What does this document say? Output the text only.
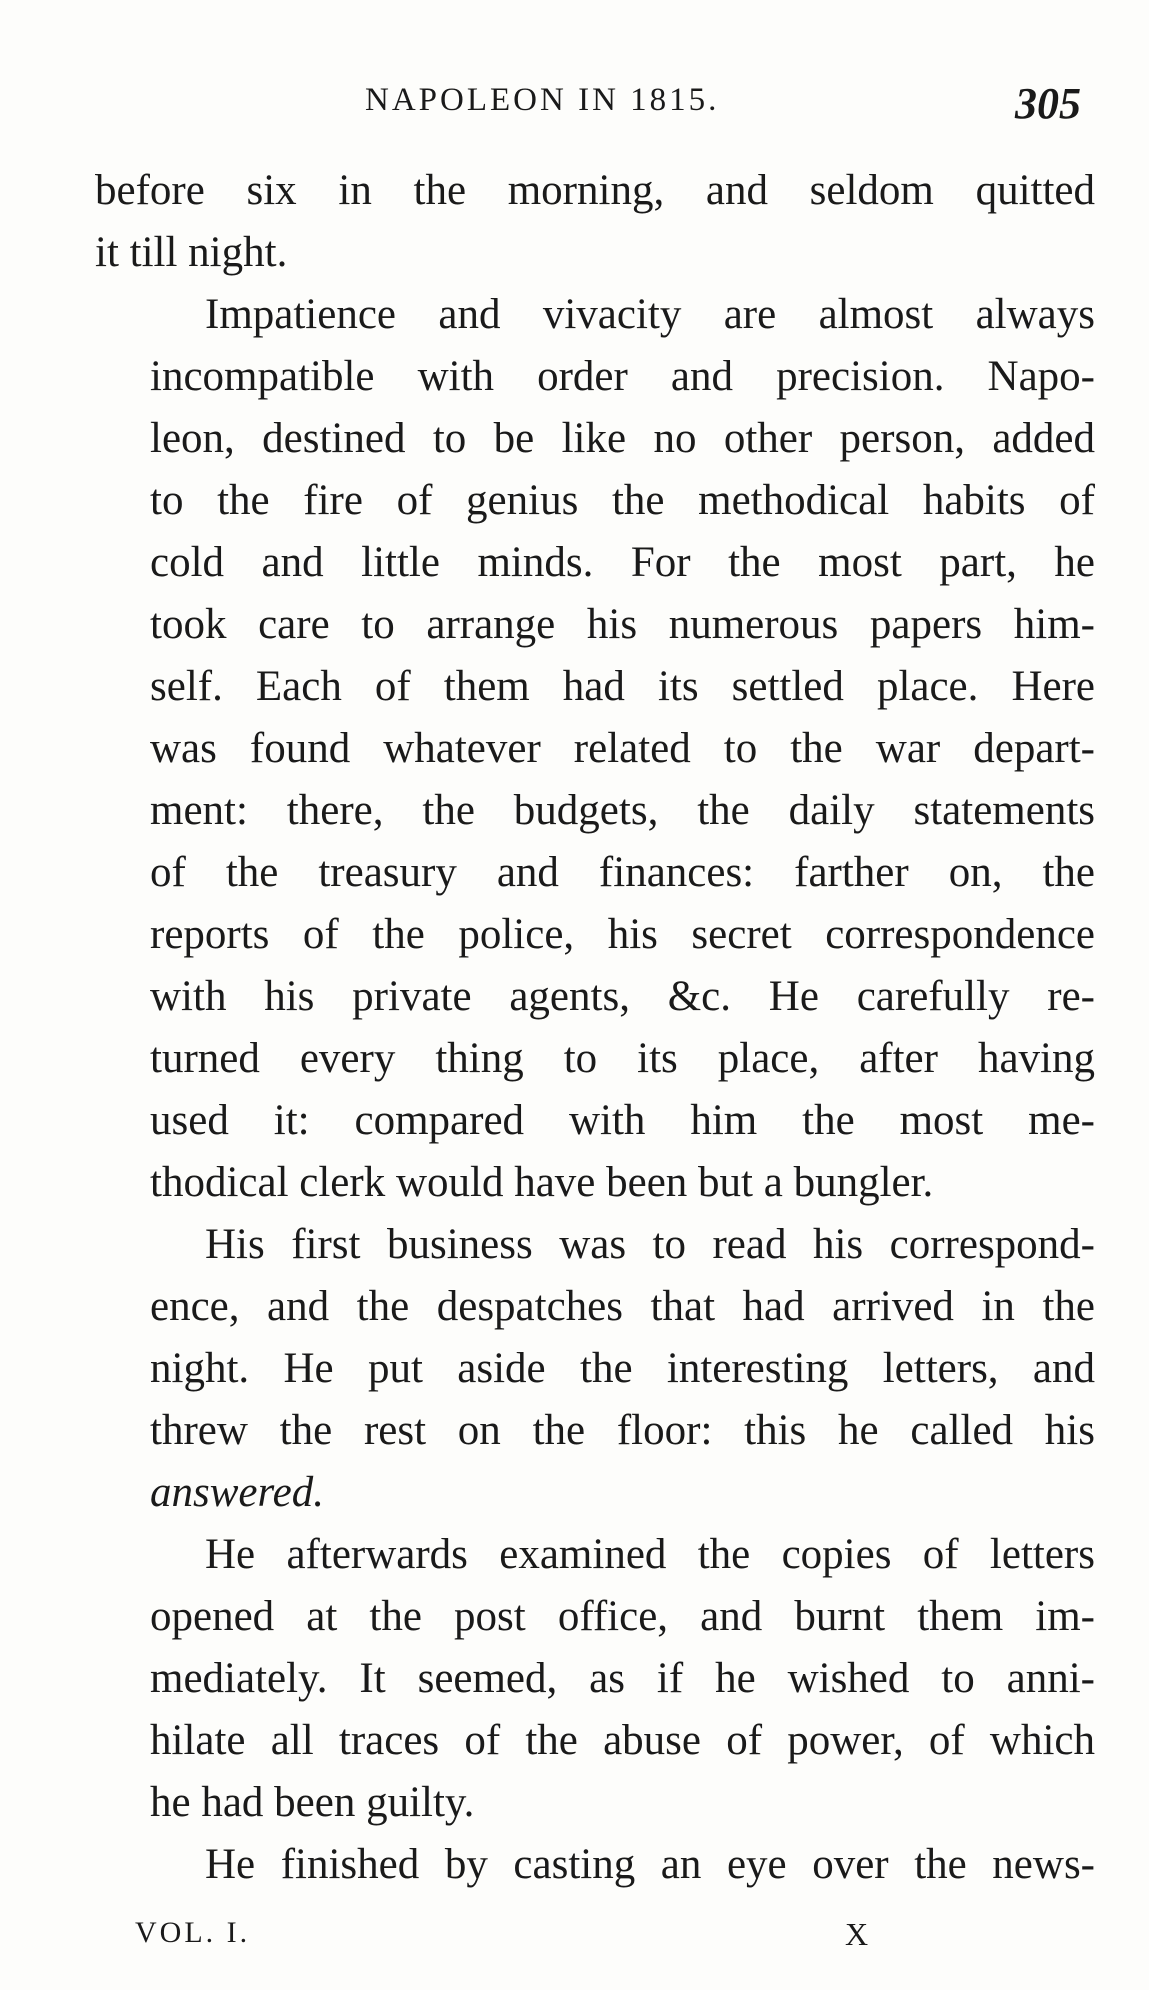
NAPOLEON IN 1815.	305

before six in the morning, and seldom quitted
it till night.

Impatience and vivacity are almost always
incompatible with order and precision. Napo-
leon, destined to be like no other person, added
to the fire of genius the methodical habits of
cold and little minds. For the most part, he
took care to arrange his numerous papers him-
self. Each of them had its settled place. Here
was found whatever related to the war depart-
ment: there, the budgets, the daily statements
of the treasury and finances: farther on, the
reports of the police, his secret correspondence
with his private agents, &c. He carefully re-
turned every thing to its place, after having
used it: compared with him the most me-
thodical clerk would have been but a bungler.

His first business was to read his correspond-
ence, and the despatches that had arrived in the
night. He put aside the interesting letters, and
threw the rest on the floor: this he called his
answered.

He afterwards examined the copies of letters
opened at the post office, and burnt them im-
mediately. It seemed, as if he wished to anni-
hilate all traces of the abuse of power, of which
he had been guilty.

He finished by casting an eye over the news-

VOL. I.	X
